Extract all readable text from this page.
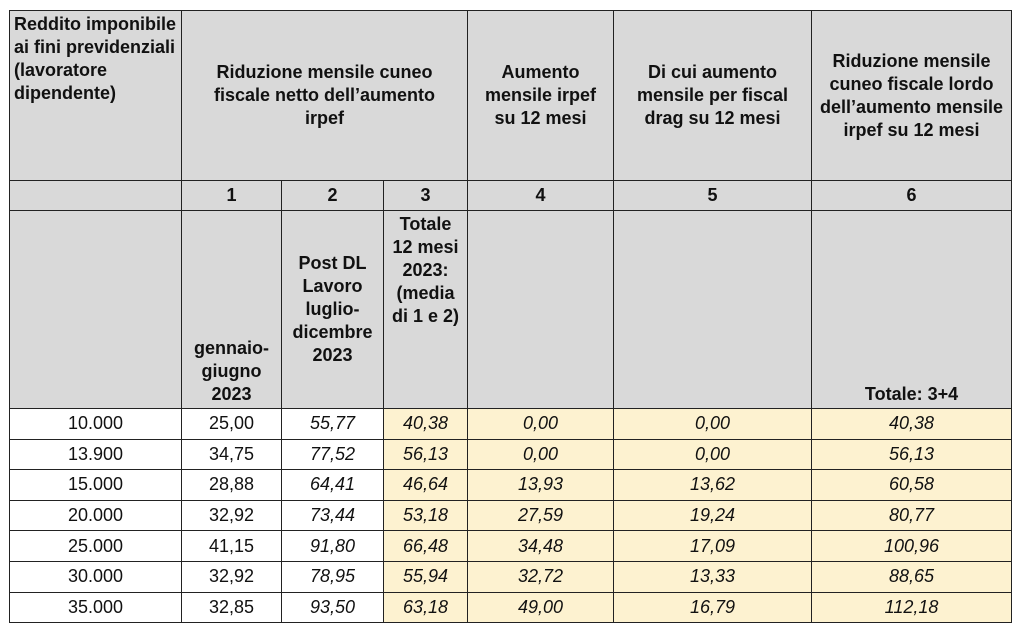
Reddito imponibile ai fini previdenziali (lavoratore dipendente)	Riduzione mensile cuneo fiscale netto dell’aumento irpef			Aumento mensile irpef su 12 mesi	Di cui aumento mensile per fiscal drag su 12 mesi	Riduzione mensile cuneo fiscale lordo dell’aumento mensile irpef su 12 mesi
	1	2	3	4	5	6
	gennaio-giugno 2023	Post DL Lavoro luglio-dicembre 2023	Totale 12 mesi 2023: (media di 1 e 2)			Totale: 3+4
10.000	25,00	55,77	40,38	0,00	0,00	40,38
13.900	34,75	77,52	56,13	0,00	0,00	56,13
15.000	28,88	64,41	46,64	13,93	13,62	60,58
20.000	32,92	73,44	53,18	27,59	19,24	80,77
25.000	41,15	91,80	66,48	34,48	17,09	100,96
30.000	32,92	78,95	55,94	32,72	13,33	88,65
35.000	32,85	93,50	63,18	49,00	16,79	112,18
